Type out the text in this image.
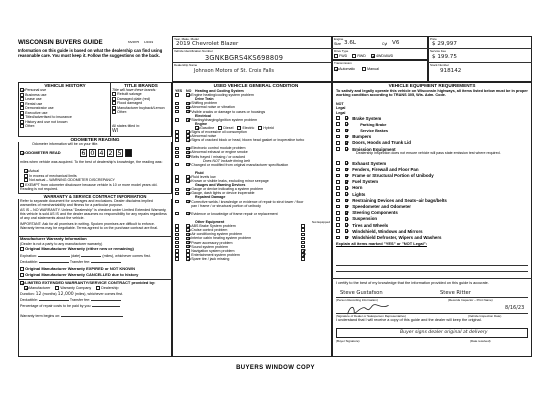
WISCONSIN BUYERS GUIDE	MV2875 1/2019
Information on this guide is based on what the dealership can find using reasonable care. You must keep it. Follow the suggestions on the back.
Year, Make, Model
2019 Chevrolet Blazer
Vehicle Identification Number
3GNKBGRS4KS698809
Dealership Name
Johnson Motors of St. Croix Falls
Engine
Size 3.6L	Cyl V6
Drive Type
FWD	RWD	4WD/AWD
Price
$ 29,997
Service Fee
$ 199.75
Stock Number
918142
Transmission
Automatic	Manual
VEHICLE HISTORY
Personal use
Business use
Lease use
Rental use
Demonstrator use
Executive use
Titled/advertised to insurance
History and use not known
Other:
TITLE BRANDS
Title will have these brands:
Rebuilt salvage
Damaged plate (red)
Flood damaged
Manufacturer buyback/Lemon
Other:
All states titled in:
WI
ODOMETER READING
Odometer information will be on your title.
ODOMETER READ	6 0 4 2 5
miles when vehicle was acquired. To the best of dealership's knowledge, the reading was:
Actual
In excess of mechanical limits
Not actual – WARNING ODOMETER DISCREPANCY
EXEMPT from odometer disclosure because vehicle is 10 or more model years old. Reading is not required.
WARRANTY & SERVICE CONTRACT INFORMATION
Refer to separate document for coverages and exclusions. Dealer disclaims implied warranties of merchantability and fitness for a particular purpose.
AS IS – NO WARRANTY. Unless "Dealership" is checked under Limited Extended Warranty, this vehicle is sold AS IS and the dealer assumes no responsibility for any repairs regardless of any oral statements about the vehicle.
IMPORTANT: Ask for all promises in writing. Spoken promises are difficult to enforce. Warranty terms may be negotiable. Terms agreed to on the purchase contract are final.
Manufacturer Warranty Information
(Dealer is not a party to any manufacturer warranty)
Original Manufacturer Warranty (either new or remaining)
Expiration:	(date)	(miles), whichever comes first.
Deductible:	Transfer fee:
Original Manufacturer Warranty EXPIRED or NOT KNOWN
Original Manufacturer Warranty CANCELLED due to history
LIMITED EXTENDED WARRANTY/SERVICE CONTRACT provided by:
Manufacturer	Warranty Company	Dealership
Duration: 12 (months) 12,000 (miles), whichever comes first.
Deductible:	Transfer fee:
Percentage of repair costs to be paid by you:
Warranty term begins on:
USED VEHICLE GENERAL CONDITION
YES NO Heating and Cooling System
Engine heating/cooling system problem
Drive Train
Shifting problem
Abnormal noise or vibration
Visible cracks or damage to cases or housings
Electrical
Starting/charging/ignition system problem
Engine
Gasoline	Diesel	Electric	Hybrid
Signs of excessive oil consumption
Abnormal noise
Signs of cracked block or head, blown head gasket or inoperative turbo
Electronic control module problem
Abnormal exhaust or engine smoke
Belts frayed / missing / or cracked
Does NOT include timing belt
Changed or modified from original manufacturer specification
Fluid
Fluid levels low
Known or visible leaks, excluding minor seepage
Gauges and Warning Devices
Gauge or device indicating a system problem
Gauge, dash lights or device inoperable
Repaired Damage
Corrective welds / knowledge or evidence of repair to strut tower / floor pan / frame / or structural portion of unibody
Evidence or knowledge of frame repair or replacement
Other Equipment	Not Equipped
ABS Brake System problem
Cruise control problem
Air conditioning system problem
Interior cabin heating system problem
Power accessory problem
Sound system problem
Navigation system problem
Entertainment system problem
Spare tire / jack missing
VEHICLE EQUIPMENT REQUIREMENTS
To satisfy and legally operate this vehicle on Wisconsin highways, all items listed below must be in proper working condition according to TRANS 305, Wis. Adm. Code.
NOT Legal
Legal
Brake System
Parking Brake
Service Brakes
Bumpers
Doors, Hoods and Trunk Lid
Emission Equipment
Dealership inspection does not ensure vehicle will pass state emission test where required.
Exhaust System
Fenders, Firewall and Floor Pan
Frame or Structural Portion of Unibody
Fuel System
Horn
Lights
Restraining Devices and Seats–air bags/belts
Speedometer and Odometer
Steering Components
Suspension
Tires and Wheels
Windshield, Windows and Mirrors
Windshield Defroster, Wipers and Washers
Explain all items marked "YES" or "NOT Legal":
I certify to the best of my knowledge that the information provided on this guide is accurate.
Steve Gustafson	Steve Ritter
(Person Recording Information)	(Records Inspector – Print Name)
8/16/23
(Signature of Dealer or Salesperson Representative)	(Vehicle Inspection Date)
I understand that I will receive a copy of this guide and the dealer will keep the original.
Buyer signs dealer original at delivery
(Buyer Signature)	(Date received)
BUYERS WINDOW COPY
